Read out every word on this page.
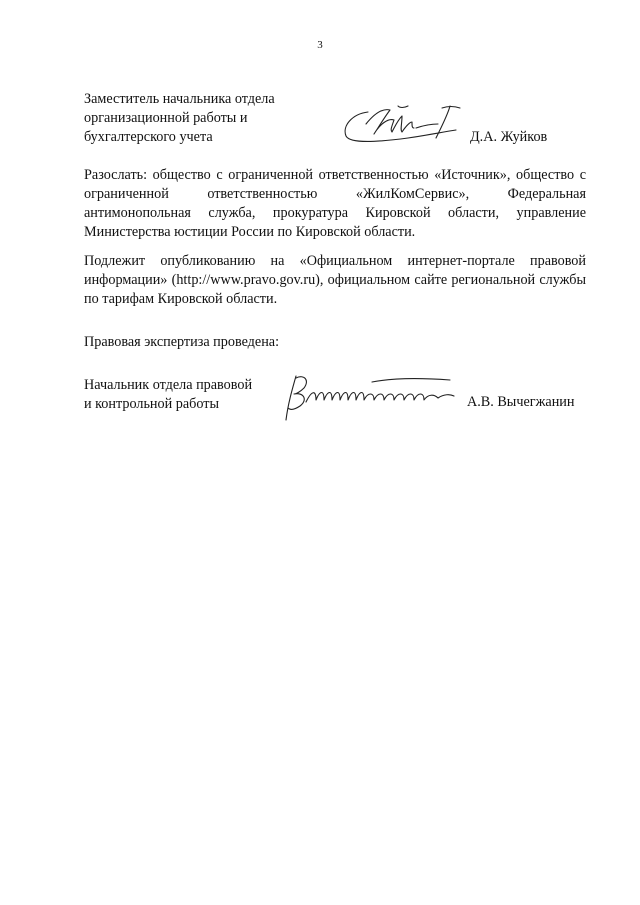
3
Заместитель начальника отдела
организационной работы и
бухгалтерского учета	Д.А. Жуйков
Разослать: общество с ограниченной ответственностью «Источник», общество с ограниченной ответственностью «ЖилКомСервис», Федеральная антимонопольная служба, прокуратура Кировской области, управление Министерства юстиции России по Кировской области.
Подлежит опубликованию на «Официальном интернет-портале правовой информации» (http://www.pravo.gov.ru), официальном сайте региональной службы по тарифам Кировской области.
Правовая экспертиза проведена:
Начальник отдела правовой
и контрольной работы	А.В. Вычегжанин
